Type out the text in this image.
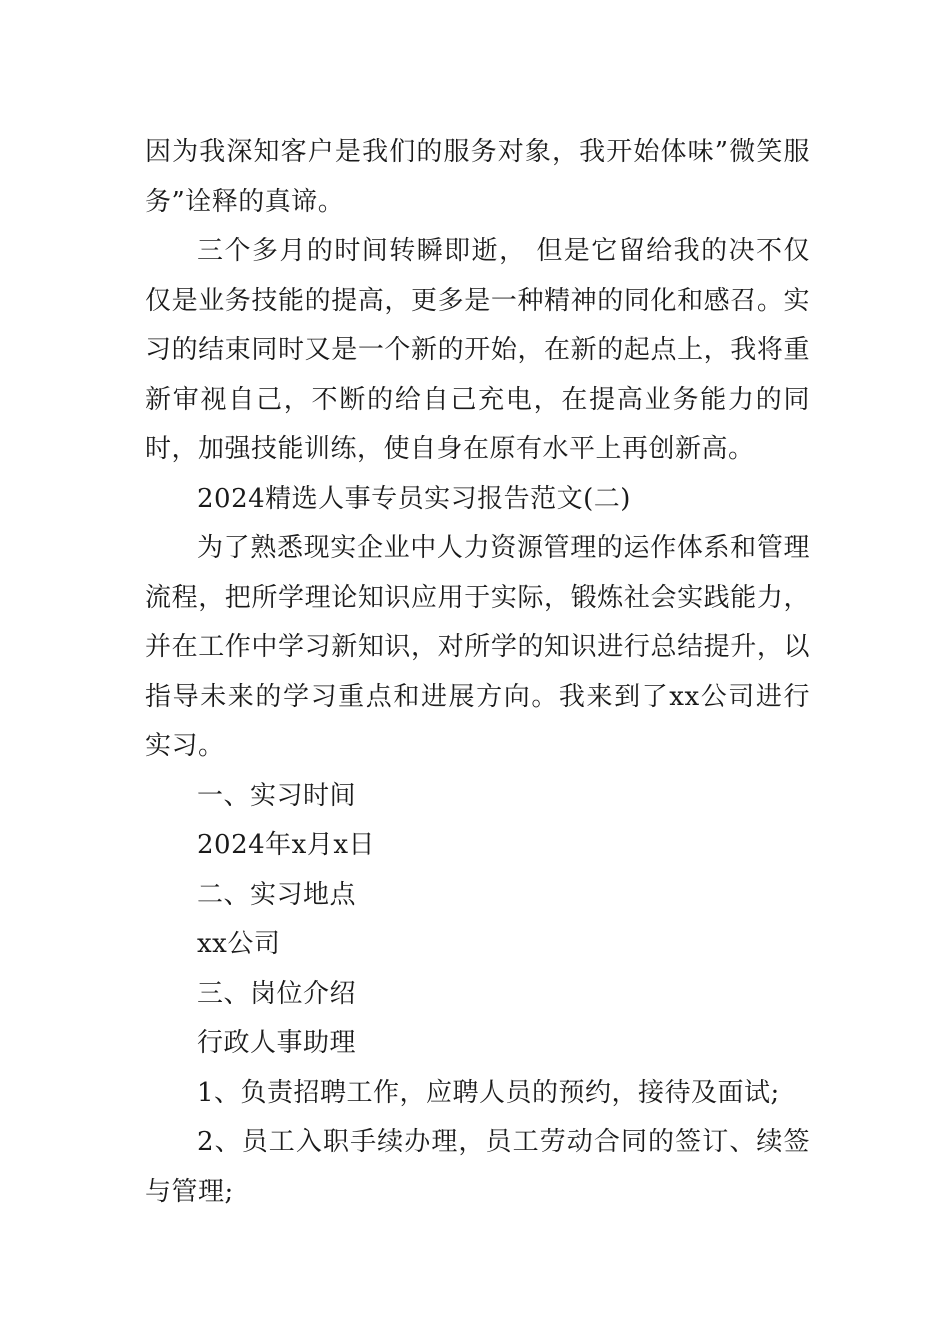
因为我深知客户是我们的服务对象，我开始体味”微笑服务”诠释的真谛。

三个多月的时间转瞬即逝， 但是它留给我的决不仅仅是业务技能的提高，更多是一种精神的同化和感召。实习的结束同时又是一个新的开始，在新的起点上，我将重新审视自己，不断的给自己充电，在提高业务能力的同时，加强技能训练，使自身在原有水平上再创新高。

2024精选人事专员实习报告范文(二)

为了熟悉现实企业中人力资源管理的运作体系和管理流程，把所学理论知识应用于实际，锻炼社会实践能力，并在工作中学习新知识，对所学的知识进行总结提升，以指导未来的学习重点和进展方向。我来到了xx公司进行实习。

一、实习时间

2024年x月x日

二、实习地点

xx公司

三、岗位介绍

行政人事助理

1、负责招聘工作，应聘人员的预约，接待及面试;

2、员工入职手续办理，员工劳动合同的签订、续签与管理;
